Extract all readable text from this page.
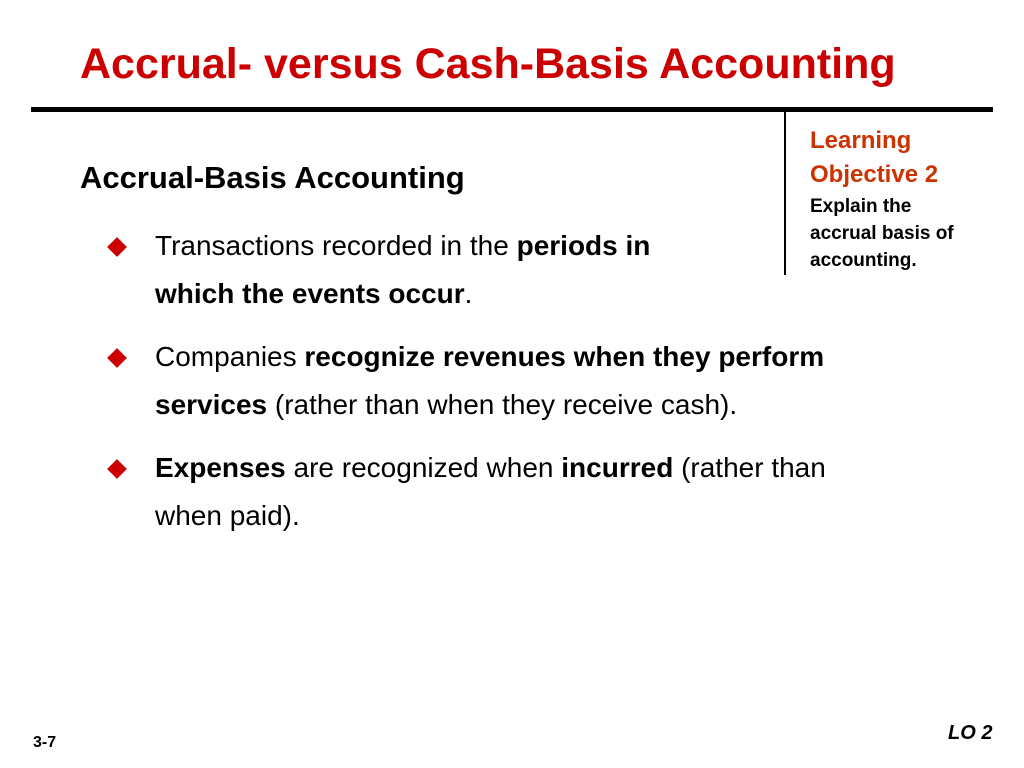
Accrual- versus Cash-Basis Accounting
Learning
Objective 2
Explain the
accrual basis of
accounting.
Accrual-Basis Accounting
Transactions recorded in the periods in
which the events occur.
Companies recognize revenues when they perform
services (rather than when they receive cash).
Expenses are recognized when incurred (rather than
when paid).
3-7	LO 2
